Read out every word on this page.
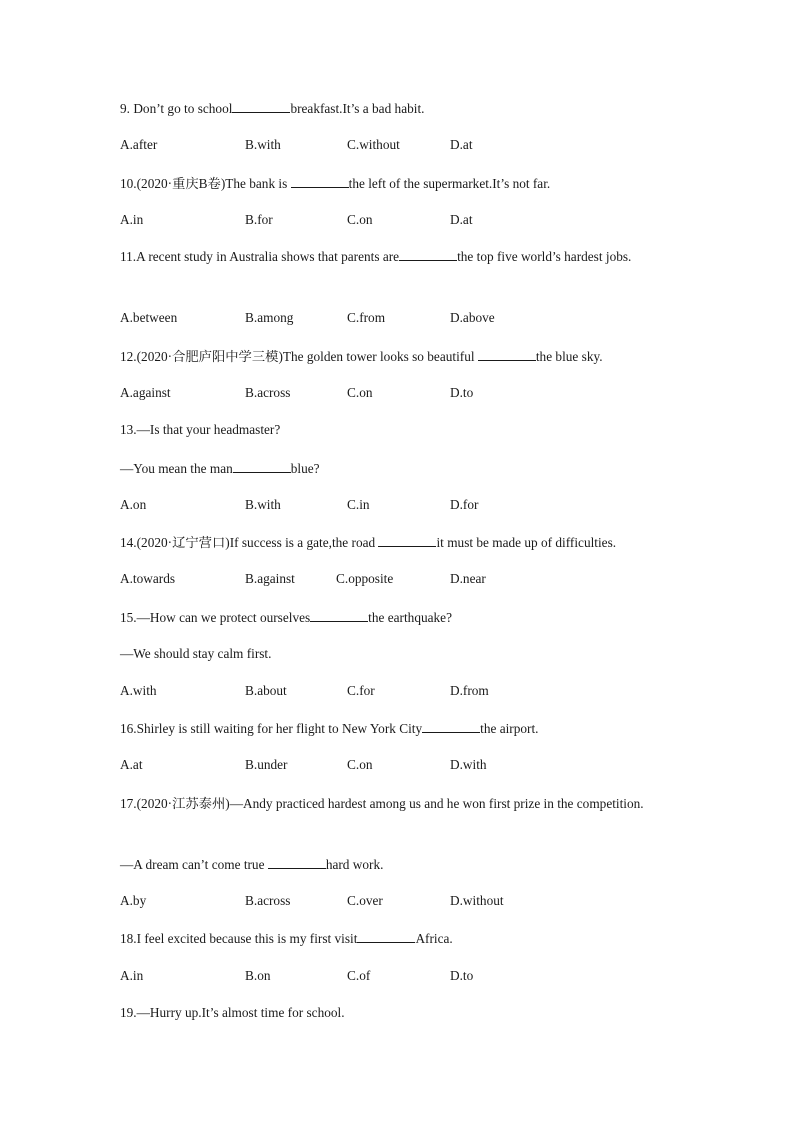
9. Don’t go to school	breakfast.It’s a bad habit.
A.after	B.with	C.without	D.at
10.(2020·重庆B卷)The bank is	the left of the supermarket.It’s not far.
A.in	B.for	C.on	D.at
11.A recent study in Australia shows that parents are	the top five world’s hardest jobs.
A.between	B.among	C.from	D.above
12.(2020·合肥庐阳中学三模)The golden tower looks so beautiful	the blue sky.
A.against	B.across	C.on	D.to
13.—Is that your headmaster?
—You mean the man	blue?
A.on	B.with	C.in	D.for
14.(2020·辽宁营口)If success is a gate,the road	it must be made up of difficulties.
A.towards	B.against	C.opposite	D.near
15.—How can we protect ourselves	the earthquake?
—We should stay calm first.
A.with	B.about	C.for	D.from
16.Shirley is still waiting for her flight to New York City	the airport.
A.at	B.under	C.on	D.with
17.(2020·江苏泰州)—Andy practiced hardest among us and he won first prize in the competition.
—A dream can’t come true	hard work.
A.by	B.across	C.over	D.without
18.I feel excited because this is my first visit	Africa.
A.in	B.on	C.of	D.to
19.—Hurry up.It’s almost time for school.
